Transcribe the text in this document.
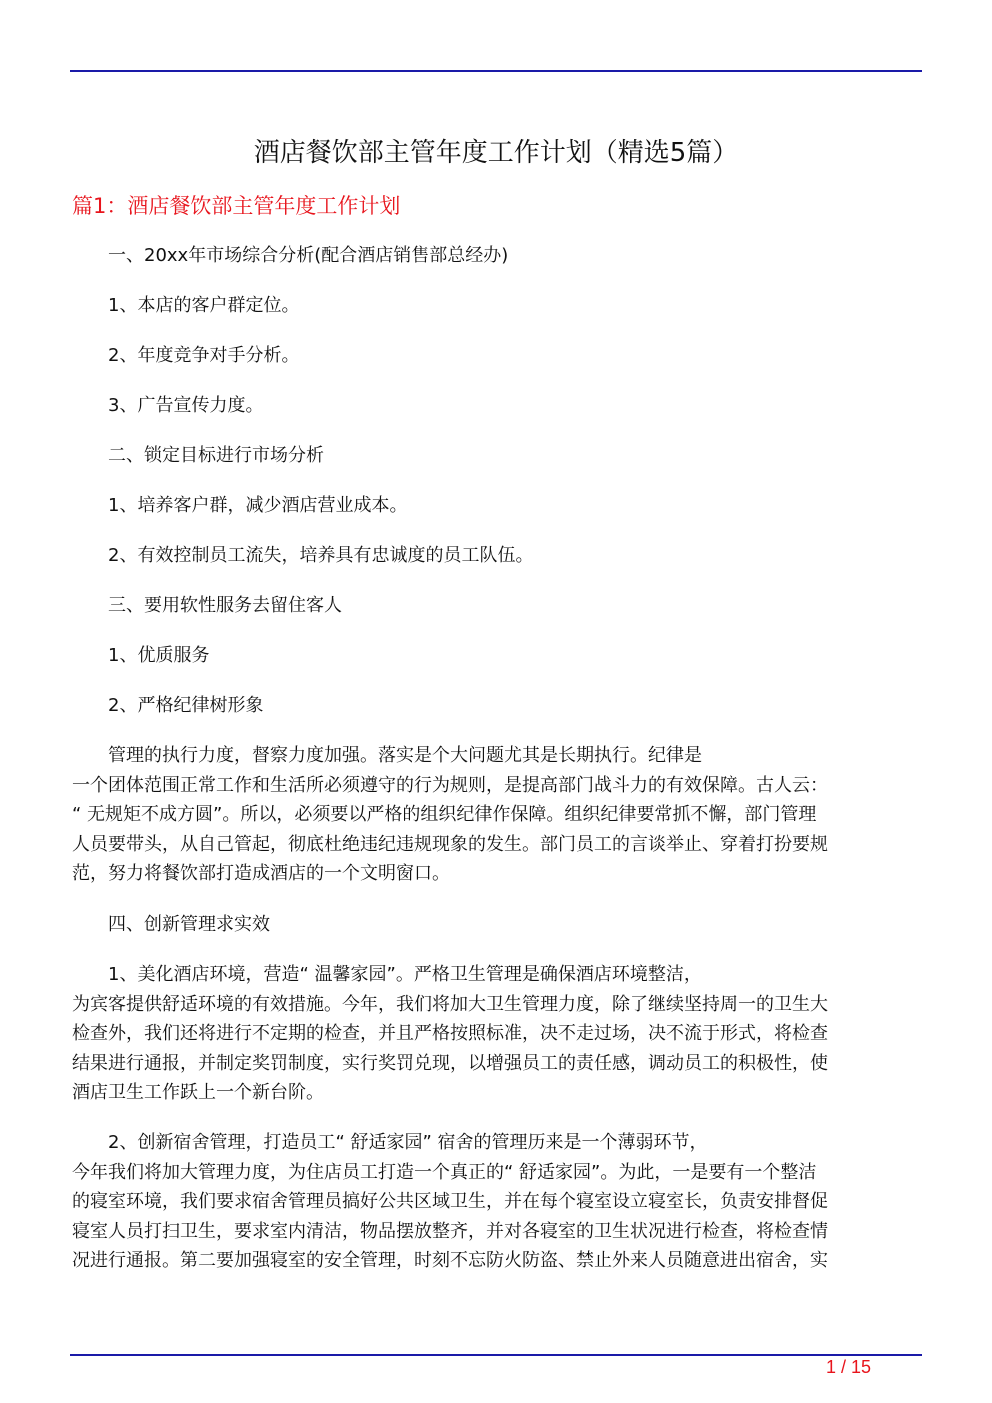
酒店餐饮部主管年度工作计划（精选5篇）
篇1：酒店餐饮部主管年度工作计划
一、20xx年市场综合分析(配合酒店销售部总经办)
1、本店的客户群定位。
2、年度竞争对手分析。
3、广告宣传力度。
二、锁定目标进行市场分析
1、培养客户群，减少酒店营业成本。
2、有效控制员工流失，培养具有忠诚度的员工队伍。
三、要用软性服务去留住客人
1、优质服务
2、严格纪律树形象
管理的执行力度，督察力度加强。落实是个大问题尤其是长期执行。纪律是
一个团体范围正常工作和生活所必须遵守的行为规则，是提高部门战斗力的有效保障。古人云：
“ 无规矩不成方圆”。所以，必须要以严格的组织纪律作保障。组织纪律要常抓不懈，部门管理
人员要带头，从自己管起，彻底杜绝违纪违规现象的发生。部门员工的言谈举止、穿着打扮要规
范，努力将餐饮部打造成酒店的一个文明窗口。
四、创新管理求实效
1、美化酒店环境，营造“ 温馨家园”。严格卫生管理是确保酒店环境整洁，
为宾客提供舒适环境的有效措施。今年，我们将加大卫生管理力度，除了继续坚持周一的卫生大
检查外，我们还将进行不定期的检查，并且严格按照标准，决不走过场，决不流于形式，将检查
结果进行通报，并制定奖罚制度，实行奖罚兑现，以增强员工的责任感，调动员工的积极性，使
酒店卫生工作跃上一个新台阶。
2、创新宿舍管理，打造员工“ 舒适家园” 宿舍的管理历来是一个薄弱环节，
今年我们将加大管理力度，为住店员工打造一个真正的“ 舒适家园”。为此，一是要有一个整洁
的寝室环境，我们要求宿舍管理员搞好公共区域卫生，并在每个寝室设立寝室长，负责安排督促
寝室人员打扫卫生，要求室内清洁，物品摆放整齐，并对各寝室的卫生状况进行检查，将检查情
况进行通报。第二要加强寝室的安全管理，时刻不忘防火防盗、禁止外来人员随意进出宿舍，实
1 / 15
